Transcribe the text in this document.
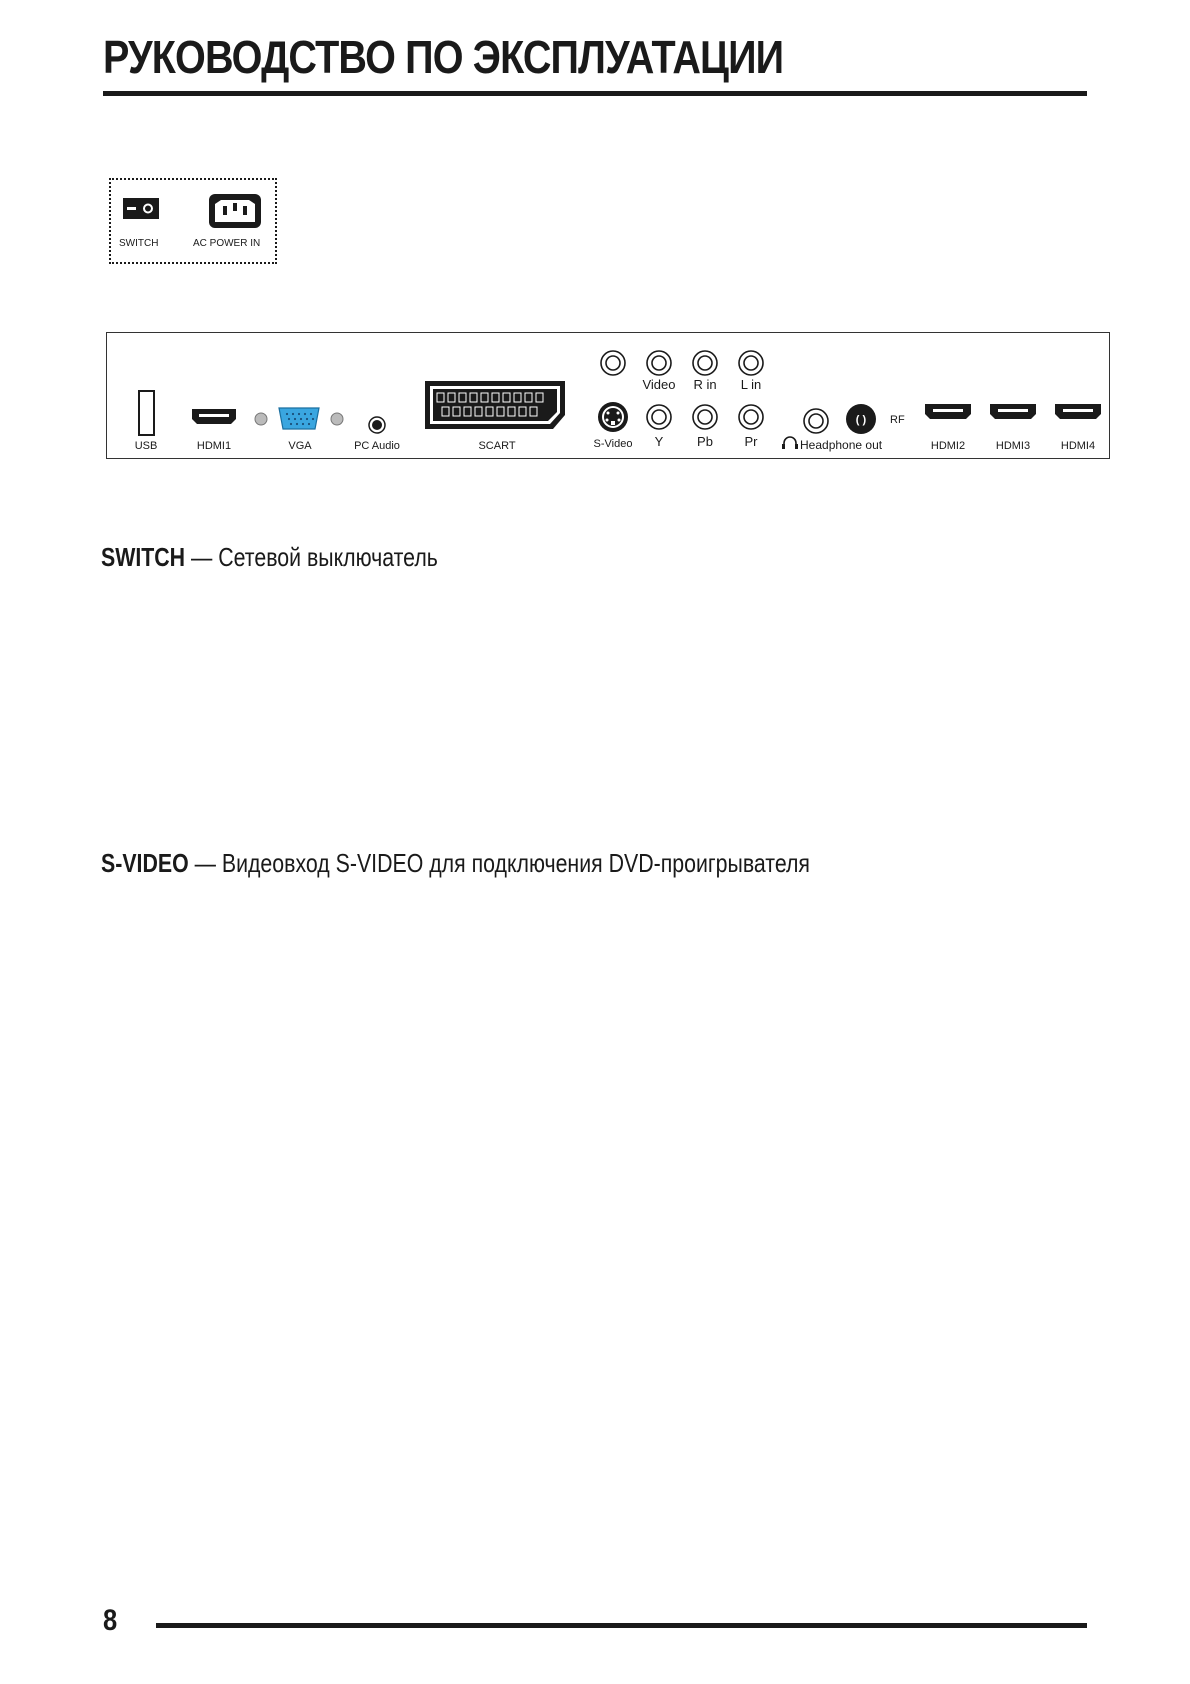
РУКОВОДСТВО ПО ЭКСПЛУАТАЦИИ
SWITCH	AC POWER IN
USB	HDMI1	VGA	PC Audio	SCART
Video R in L in
S-Video Y	Pb Pr	Headphone out
( ) RF
HDMI2	HDMI3	HDMI4
SWITCH — Сетевой выключатель
S-VIDEO — Видеовход S-VIDEO для подключения DVD-проигрывателя
8
